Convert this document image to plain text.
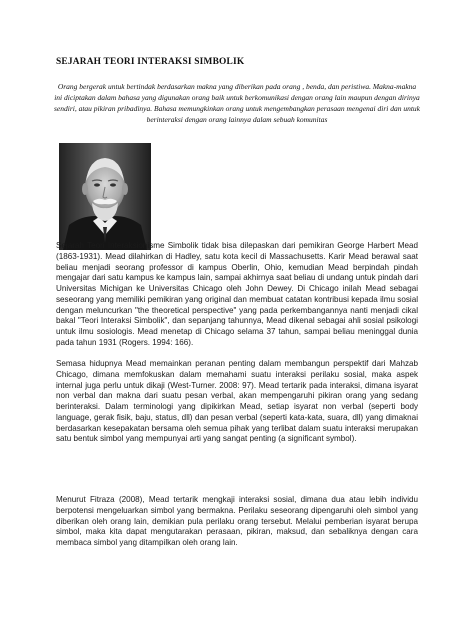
SEJARAH TEORI INTERAKSI SIMBOLIK

Orang bergerak untuk bertindak berdasarkan makna yang diberikan pada orang , benda, dan peristiwa. Makna-makna ini diciptakan dalam bahasa yang digunakan orang baik untuk berkomunikasi dengan orang lain maupun dengan dirinya sendiri, atau pikiran pribadinya. Bahasa memungkinkan orang untuk mengembangkan perasaan mengenai diri dan untuk berinteraksi dengan orang lainnya dalam sebuah komunitas

Sejarah Teori Interaksionisme Simbolik tidak bisa dilepaskan dari pemikiran George Harbert Mead (1863-1931). Mead dilahirkan di Hadley, satu kota kecil di Massachusetts. Karir Mead berawal saat beliau menjadi seorang professor di kampus Oberlin, Ohio, kemudian Mead berpindah pindah mengajar dari satu kampus ke kampus lain, sampai akhirnya saat beliau di undang untuk pindah dari Universitas Michigan ke Universitas Chicago oleh John Dewey. Di Chicago inilah Mead sebagai seseorang yang memiliki pemikiran yang original dan membuat catatan kontribusi kepada ilmu sosial dengan meluncurkan "the theoretical perspective" yang pada perkembangannya nanti menjadi cikal bakal "Teori Interaksi Simbolik", dan sepanjang tahunnya, Mead dikenal sebagai ahli sosial psikologi untuk ilmu sosiologis. Mead menetap di Chicago selama 37 tahun, sampai beliau meninggal dunia pada tahun 1931 (Rogers. 1994: 166).

Semasa hidupnya Mead memainkan peranan penting dalam membangun perspektif dari Mahzab Chicago, dimana memfokuskan dalam memahami suatu interaksi perilaku sosial, maka aspek internal juga perlu untuk dikaji (West-Turner. 2008: 97). Mead tertarik pada interaksi, dimana isyarat non verbal dan makna dari suatu pesan verbal, akan mempengaruhi pikiran orang yang sedang berinteraksi. Dalam terminologi yang dipikirkan Mead, setiap isyarat non verbal (seperti body language, gerak fisik, baju, status, dll) dan pesan verbal (seperti kata-kata, suara, dll) yang dimaknai berdasarkan kesepakatan bersama oleh semua pihak yang terlibat dalam suatu interaksi merupakan satu bentuk simbol yang mempunyai arti yang sangat penting (a significant symbol).

Menurut Fitraza (2008), Mead tertarik mengkaji interaksi sosial, dimana dua atau lebih individu berpotensi mengeluarkan simbol yang bermakna. Perilaku seseorang dipengaruhi oleh simbol yang diberikan oleh orang lain, demikian pula perilaku orang tersebut. Melalui pemberian isyarat berupa simbol, maka kita dapat mengutarakan perasaan, pikiran, maksud, dan sebaliknya dengan cara membaca simbol yang ditampilkan oleh orang lain.
